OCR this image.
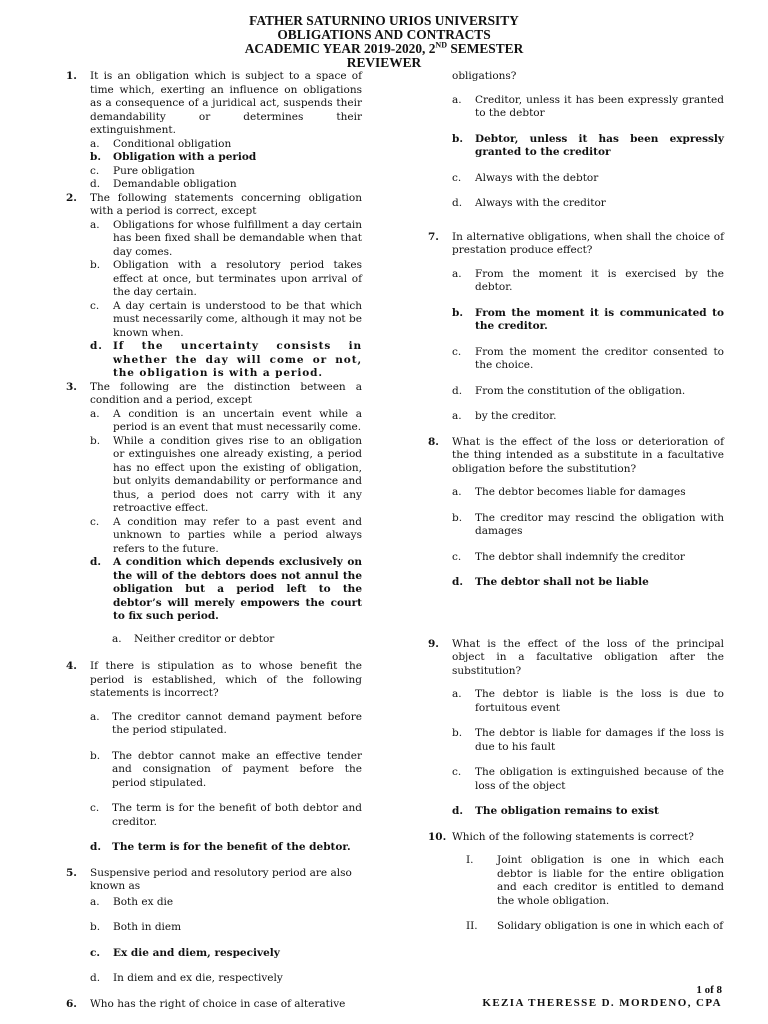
FATHER SATURNINO URIOS UNIVERSITY
OBLIGATIONS AND CONTRACTS
ACADEMIC YEAR 2019-2020, 2ND SEMESTER
REVIEWER
1. It is an obligation which is subject to a space of time which, exerting an influence on obligations as a consequence of a juridical act, suspends their demandability or determines their extinguishment.
a. Conditional obligation
b. Obligation with a period
c. Pure obligation
d. Demandable obligation
2. The following statements concerning obligation with a period is correct, except
a. Obligations for whose fulfillment a day certain has been fixed shall be demandable when that day comes.
b. Obligation with a resolutory period takes effect at once, but terminates upon arrival of the day certain.
c. A day certain is understood to be that which must necessarily come, although it may not be known when.
d. If the uncertainty consists in whether the day will come or not, the obligation is with a period.
3. The following are the distinction between a condition and a period, except
a. A condition is an uncertain event while a period is an event that must necessarily come.
b. While a condition gives rise to an obligation or extinguishes one already existing, a period has no effect upon the existing of obligation, but onlyits demandability or performance and thus, a period does not carry with it any retroactive effect.
c. A condition may refer to a past event and unknown to parties while a period always refers to the future.
d. A condition which depends exclusively on the will of the debtors does not annul the obligation but a period left to the debtor’s will merely empowers the court to fix such period.
a. Neither creditor or debtor
4. If there is stipulation as to whose benefit the period is established, which of the following statements is incorrect?
a. The creditor cannot demand payment before the period stipulated.
b. The debtor cannot make an effective tender and consignation of payment before the period stipulated.
c. The term is for the benefit of both debtor and creditor.
d. The term is for the benefit of the debtor.
5. Suspensive period and resolutory period are also known as
a. Both ex die
b. Both in diem
c. Ex die and diem, respecively
d. In diem and ex die, respectively
6. Who has the right of choice in case of alterative
obligations?
a. Creditor, unless it has been expressly granted to the debtor
b. Debtor, unless it has been expressly granted to the creditor
c. Always with the debtor
d. Always with the creditor
7. In alternative obligations, when shall the choice of prestation produce effect?
a. From the moment it is exercised by the debtor.
b. From the moment it is communicated to the creditor.
c. From the moment the creditor consented to the choice.
d. From the constitution of the obligation.
a. by the creditor.
8. What is the effect of the loss or deterioration of the thing intended as a substitute in a facultative obligation before the substitution?
a. The debtor becomes liable for damages
b. The creditor may rescind the obligation with damages
c. The debtor shall indemnify the creditor
d. The debtor shall not be liable
9. What is the effect of the loss of the principal object in a facultative obligation after the substitution?
a. The debtor is liable is the loss is due to fortuitous event
b. The debtor is liable for damages if the loss is due to his fault
c. The obligation is extinguished because of the loss of the object
d. The obligation remains to exist
10. Which of the following statements is correct?
I. Joint obligation is one in which each debtor is liable for the entire obligation and each creditor is entitled to demand the whole obligation.
II. Solidary obligation is one in which each of
1 of 8
KEZIA THERESSE D. MORDENO, CPA
